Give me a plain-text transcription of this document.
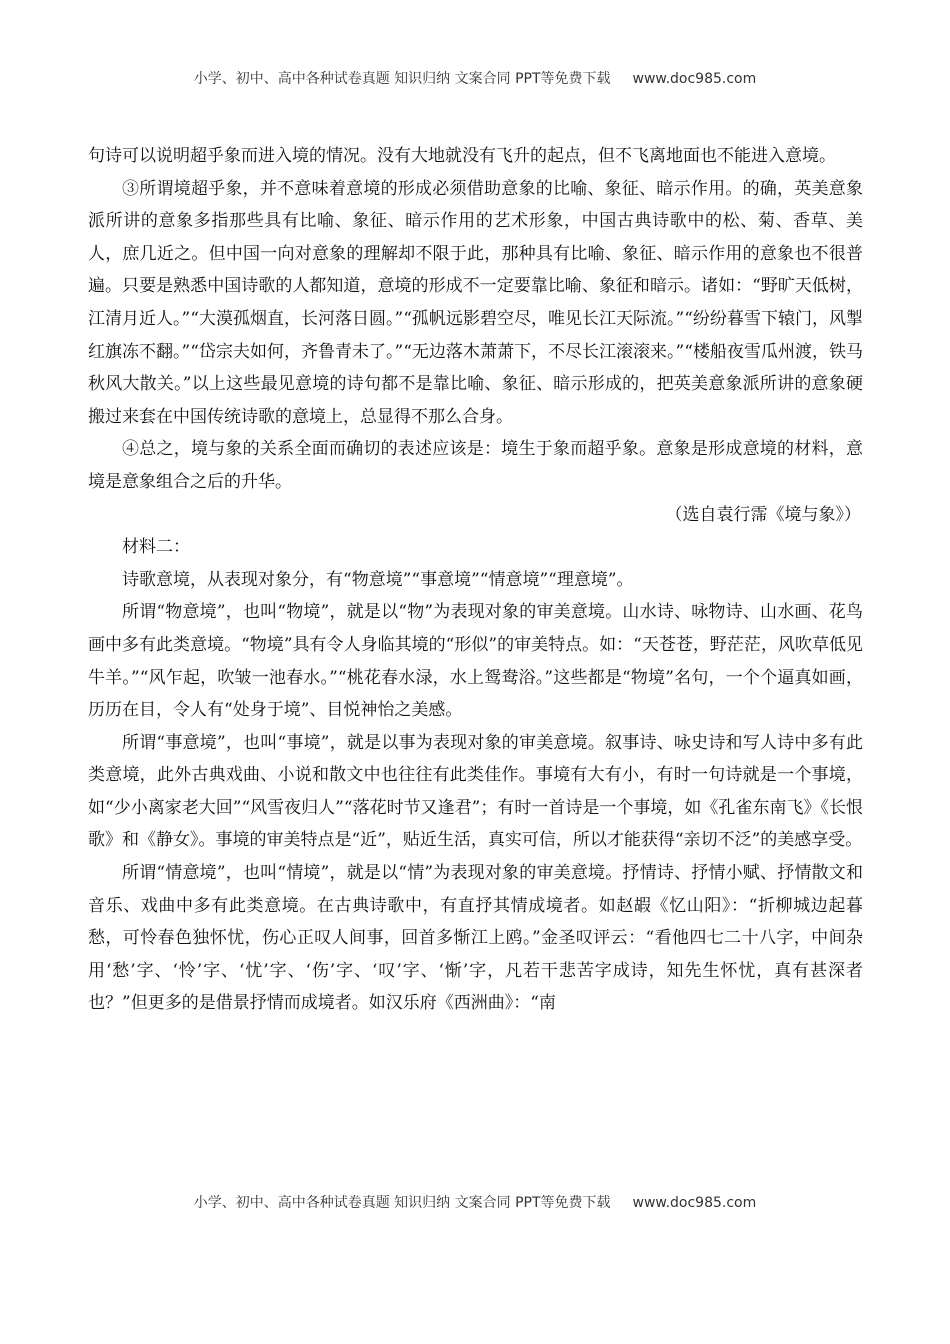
小学、初中、高中各种试卷真题 知识归纳 文案合同 PPT等免费下载 www.doc985.com

句诗可以说明超乎象而进入境的情况。没有大地就没有飞升的起点，但不飞离地面也不能进入意境。

③所谓境超乎象，并不意味着意境的形成必须借助意象的比喻、象征、暗示作用。的确，英美意象派所讲的意象多指那些具有比喻、象征、暗示作用的艺术形象，中国古典诗歌中的松、菊、香草、美人，庶几近之。但中国一向对意象的理解却不限于此，那种具有比喻、象征、暗示作用的意象也不很普遍。只要是熟悉中国诗歌的人都知道，意境的形成不一定要靠比喻、象征和暗示。诸如：“野旷天低树，江清月近人。”“大漠孤烟直，长河落日圆。”“孤帆远影碧空尽，唯见长江天际流。”“纷纷暮雪下辕门，风掣红旗冻不翻。”“岱宗夫如何，齐鲁青未了。”“无边落木萧萧下，不尽长江滚滚来。”“楼船夜雪瓜州渡，铁马秋风大散关。”以上这些最见意境的诗句都不是靠比喻、象征、暗示形成的，把英美意象派所讲的意象硬搬过来套在中国传统诗歌的意境上，总显得不那么合身。

④总之，境与象的关系全面而确切的表述应该是：境生于象而超乎象。意象是形成意境的材料，意境是意象组合之后的升华。

（选自袁行霈《境与象》）

材料二：

诗歌意境，从表现对象分，有“物意境”“事意境”“情意境”“理意境”。

所谓“物意境”，也叫“物境”，就是以“物”为表现对象的审美意境。山水诗、咏物诗、山水画、花鸟画中多有此类意境。“物境”具有令人身临其境的“形似”的审美特点。如：“天苍苍，野茫茫，风吹草低见牛羊。”“风乍起，吹皱一池春水。”“桃花春水渌，水上鸳鸯浴。”这些都是“物境”名句，一个个逼真如画，历历在目，令人有“处身于境”、目悦神怡之美感。

所谓“事意境”，也叫“事境”，就是以事为表现对象的审美意境。叙事诗、咏史诗和写人诗中多有此类意境，此外古典戏曲、小说和散文中也往往有此类佳作。事境有大有小，有时一句诗就是一个事境，如“少小离家老大回”“风雪夜归人”“落花时节又逢君”；有时一首诗是一个事境，如《孔雀东南飞》《长恨歌》和《静女》。事境的审美特点是“近”，贴近生活，真实可信，所以才能获得“亲切不泛”的美感享受。

所谓“情意境”，也叫“情境”，就是以“情”为表现对象的审美意境。抒情诗、抒情小赋、抒情散文和音乐、戏曲中多有此类意境。在古典诗歌中，有直抒其情成境者。如赵嘏《忆山阳》：“折柳城边起暮愁，可怜春色独怀忧，伤心正叹人间事，回首多惭江上鸥。”金圣叹评云：“看他四七二十八字，中间杂用‘愁’字、‘怜’字、‘忧’字、‘伤’字、‘叹’字、‘惭’字，凡若干悲苦字成诗，知先生怀忧，真有甚深者也？”但更多的是借景抒情而成境者。如汉乐府《西洲曲》：“南

小学、初中、高中各种试卷真题 知识归纳 文案合同 PPT等免费下载 www.doc985.com
